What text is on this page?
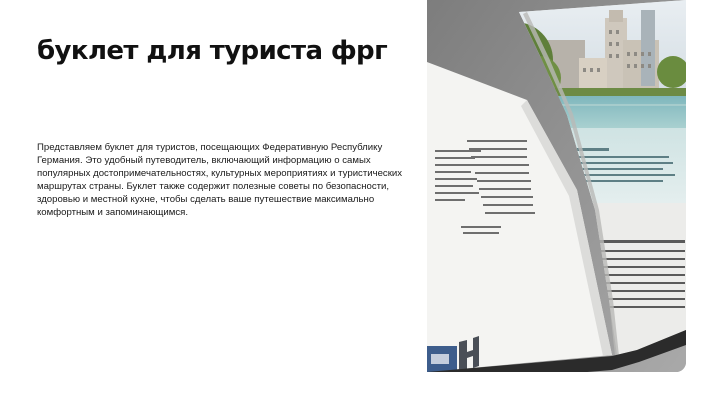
буклет для туриста фрг

Представляем буклет для туристов, посещающих Федеративную Республику Германия. Это удобный путеводитель, включающий информацию о самых популярных достопримечательностях, культурных мероприятиях и туристических маршрутах страны. Буклет также содержит полезные советы по безопасности, здоровью и местной кухне, чтобы сделать ваше путешествие максимально комфортным и запоминающимся.
